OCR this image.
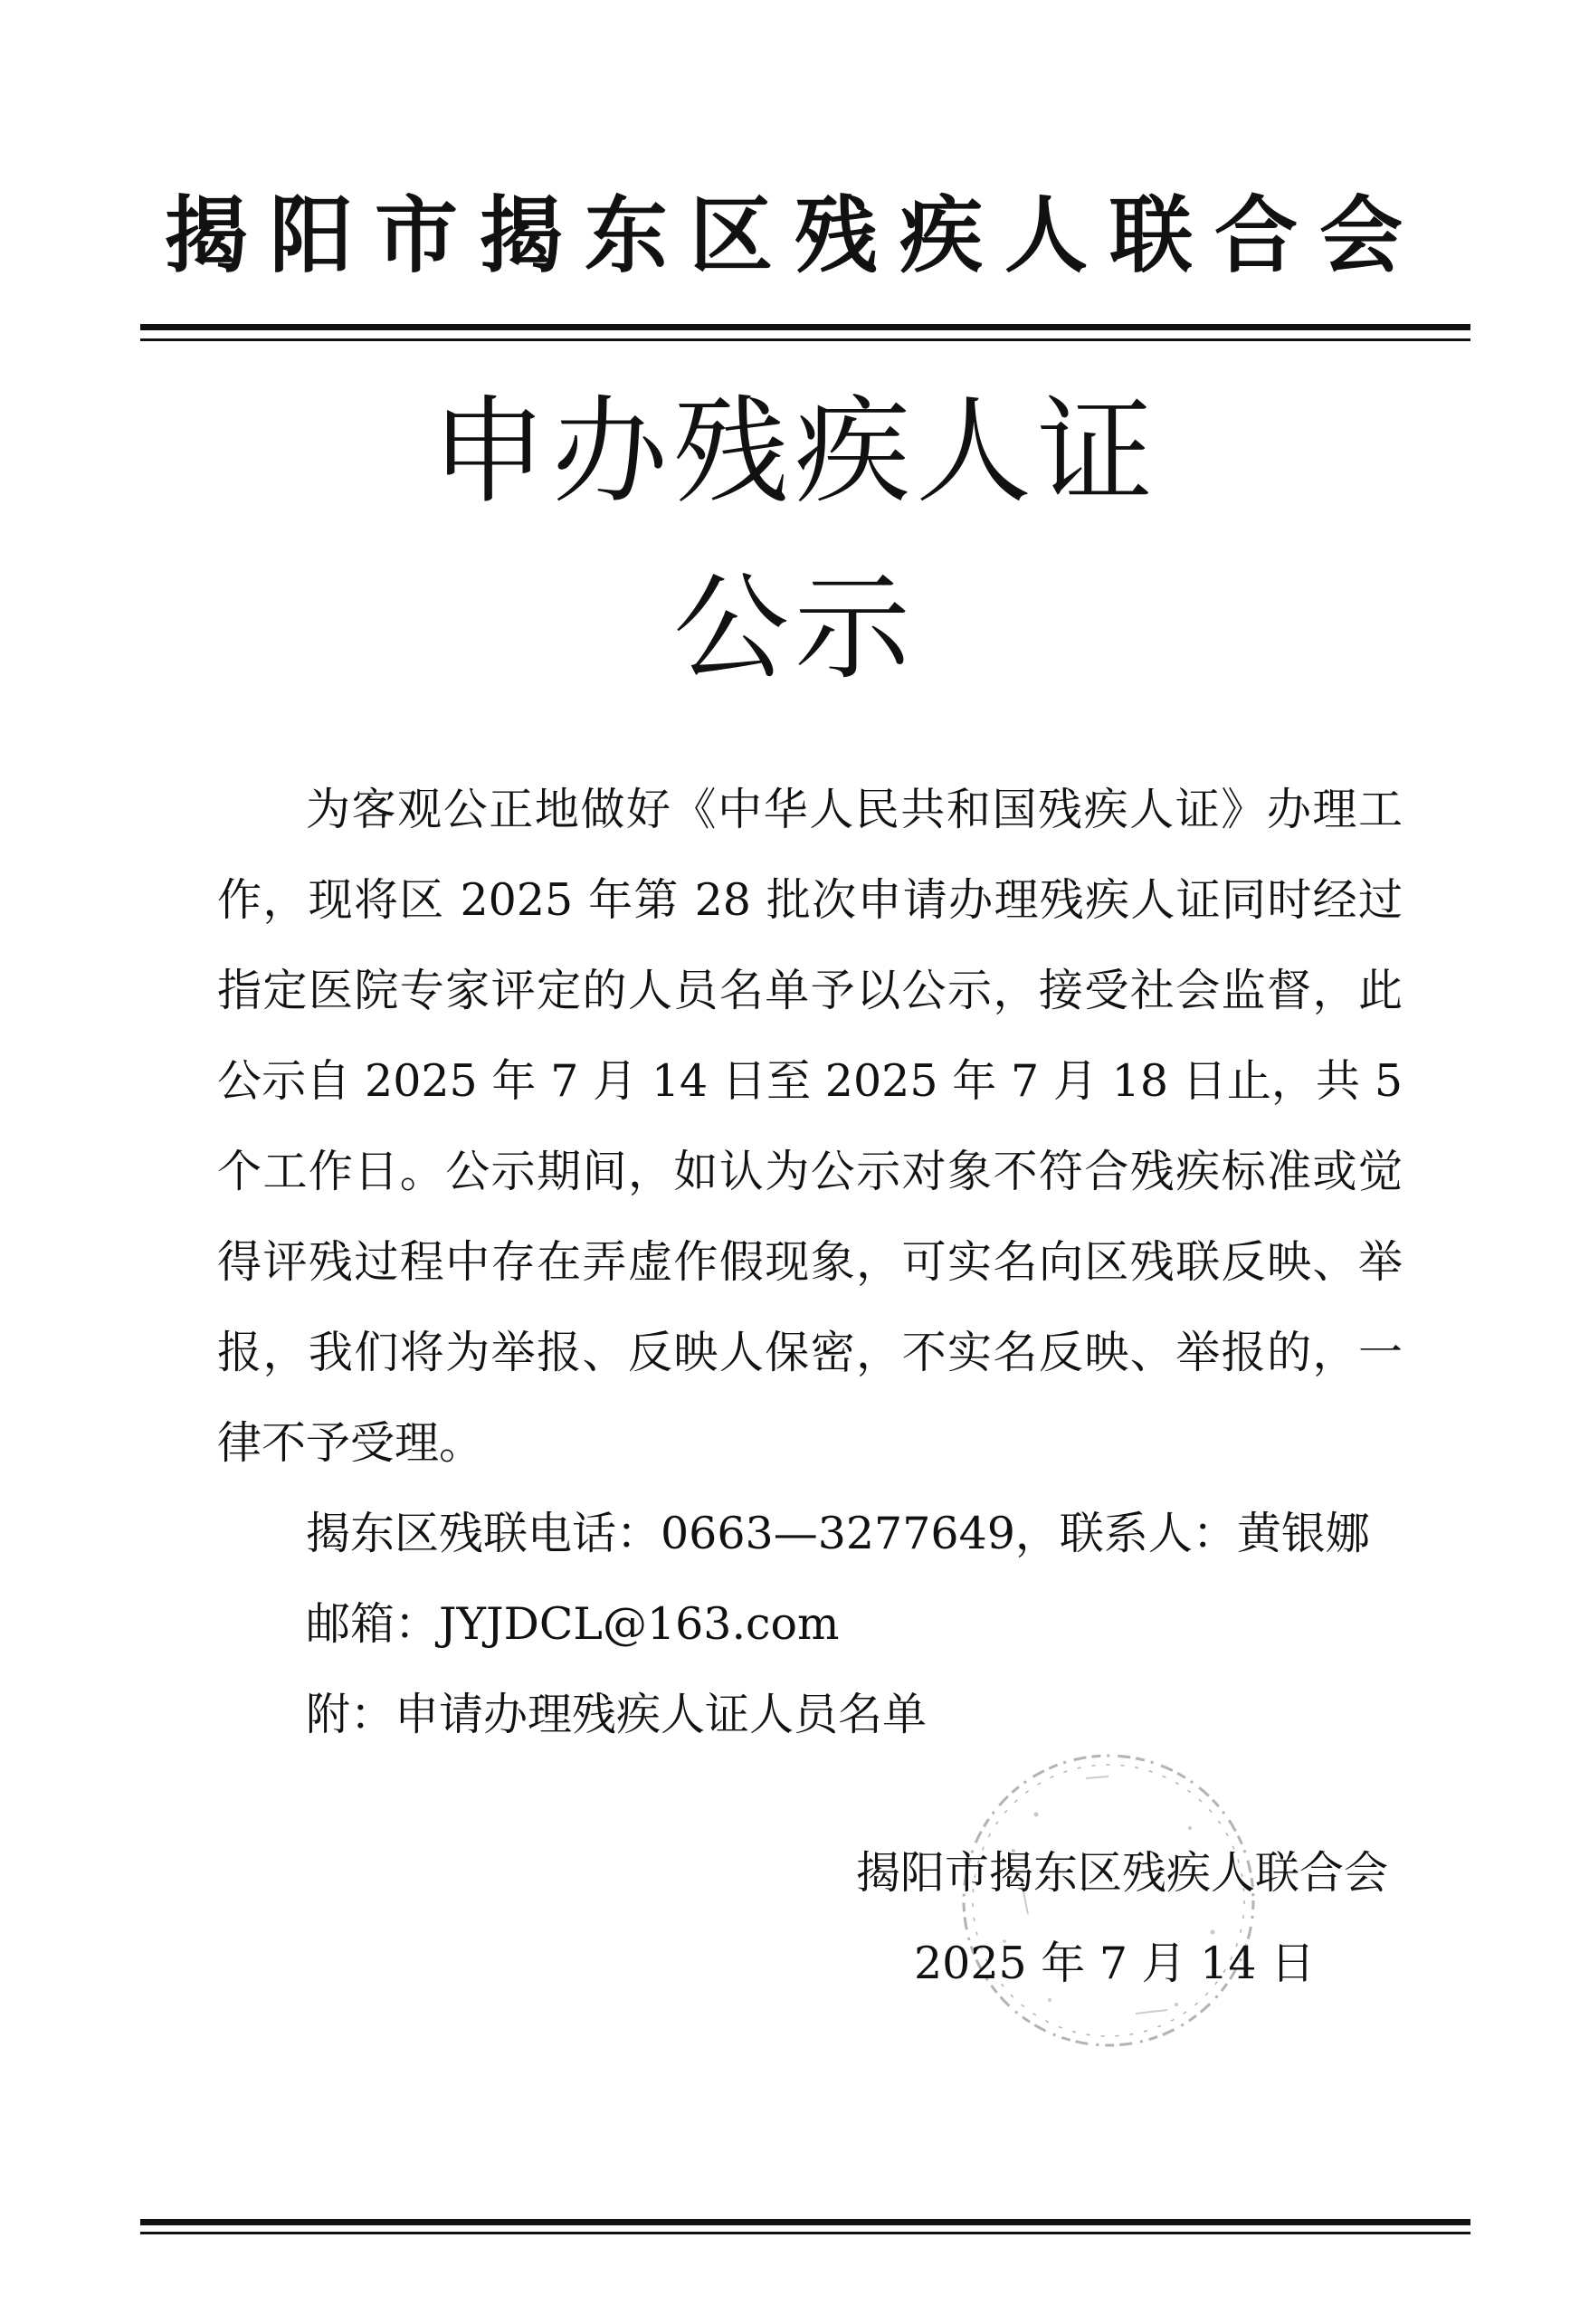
揭阳市揭东区残疾人联合会
申办残疾人证
公示

为客观公正地做好《中华人民共和国残疾人证》办理工作，现将区 2025 年第 28 批次申请办理残疾人证同时经过指定医院专家评定的人员名单予以公示，接受社会监督，此公示自 2025 年 7 月 14 日至 2025 年 7 月 18 日止，共 5 个工作日。公示期间，如认为公示对象不符合残疾标准或觉得评残过程中存在弄虚作假现象，可实名向区残联反映、举报，我们将为举报、反映人保密，不实名反映、举报的，一律不予受理。

揭东区残联电话：0663—3277649，联系人：黄银娜

邮箱：JYJDCL@163.com

附：申请办理残疾人证人员名单

揭阳市揭东区残疾人联合会
2025 年 7 月 14 日
